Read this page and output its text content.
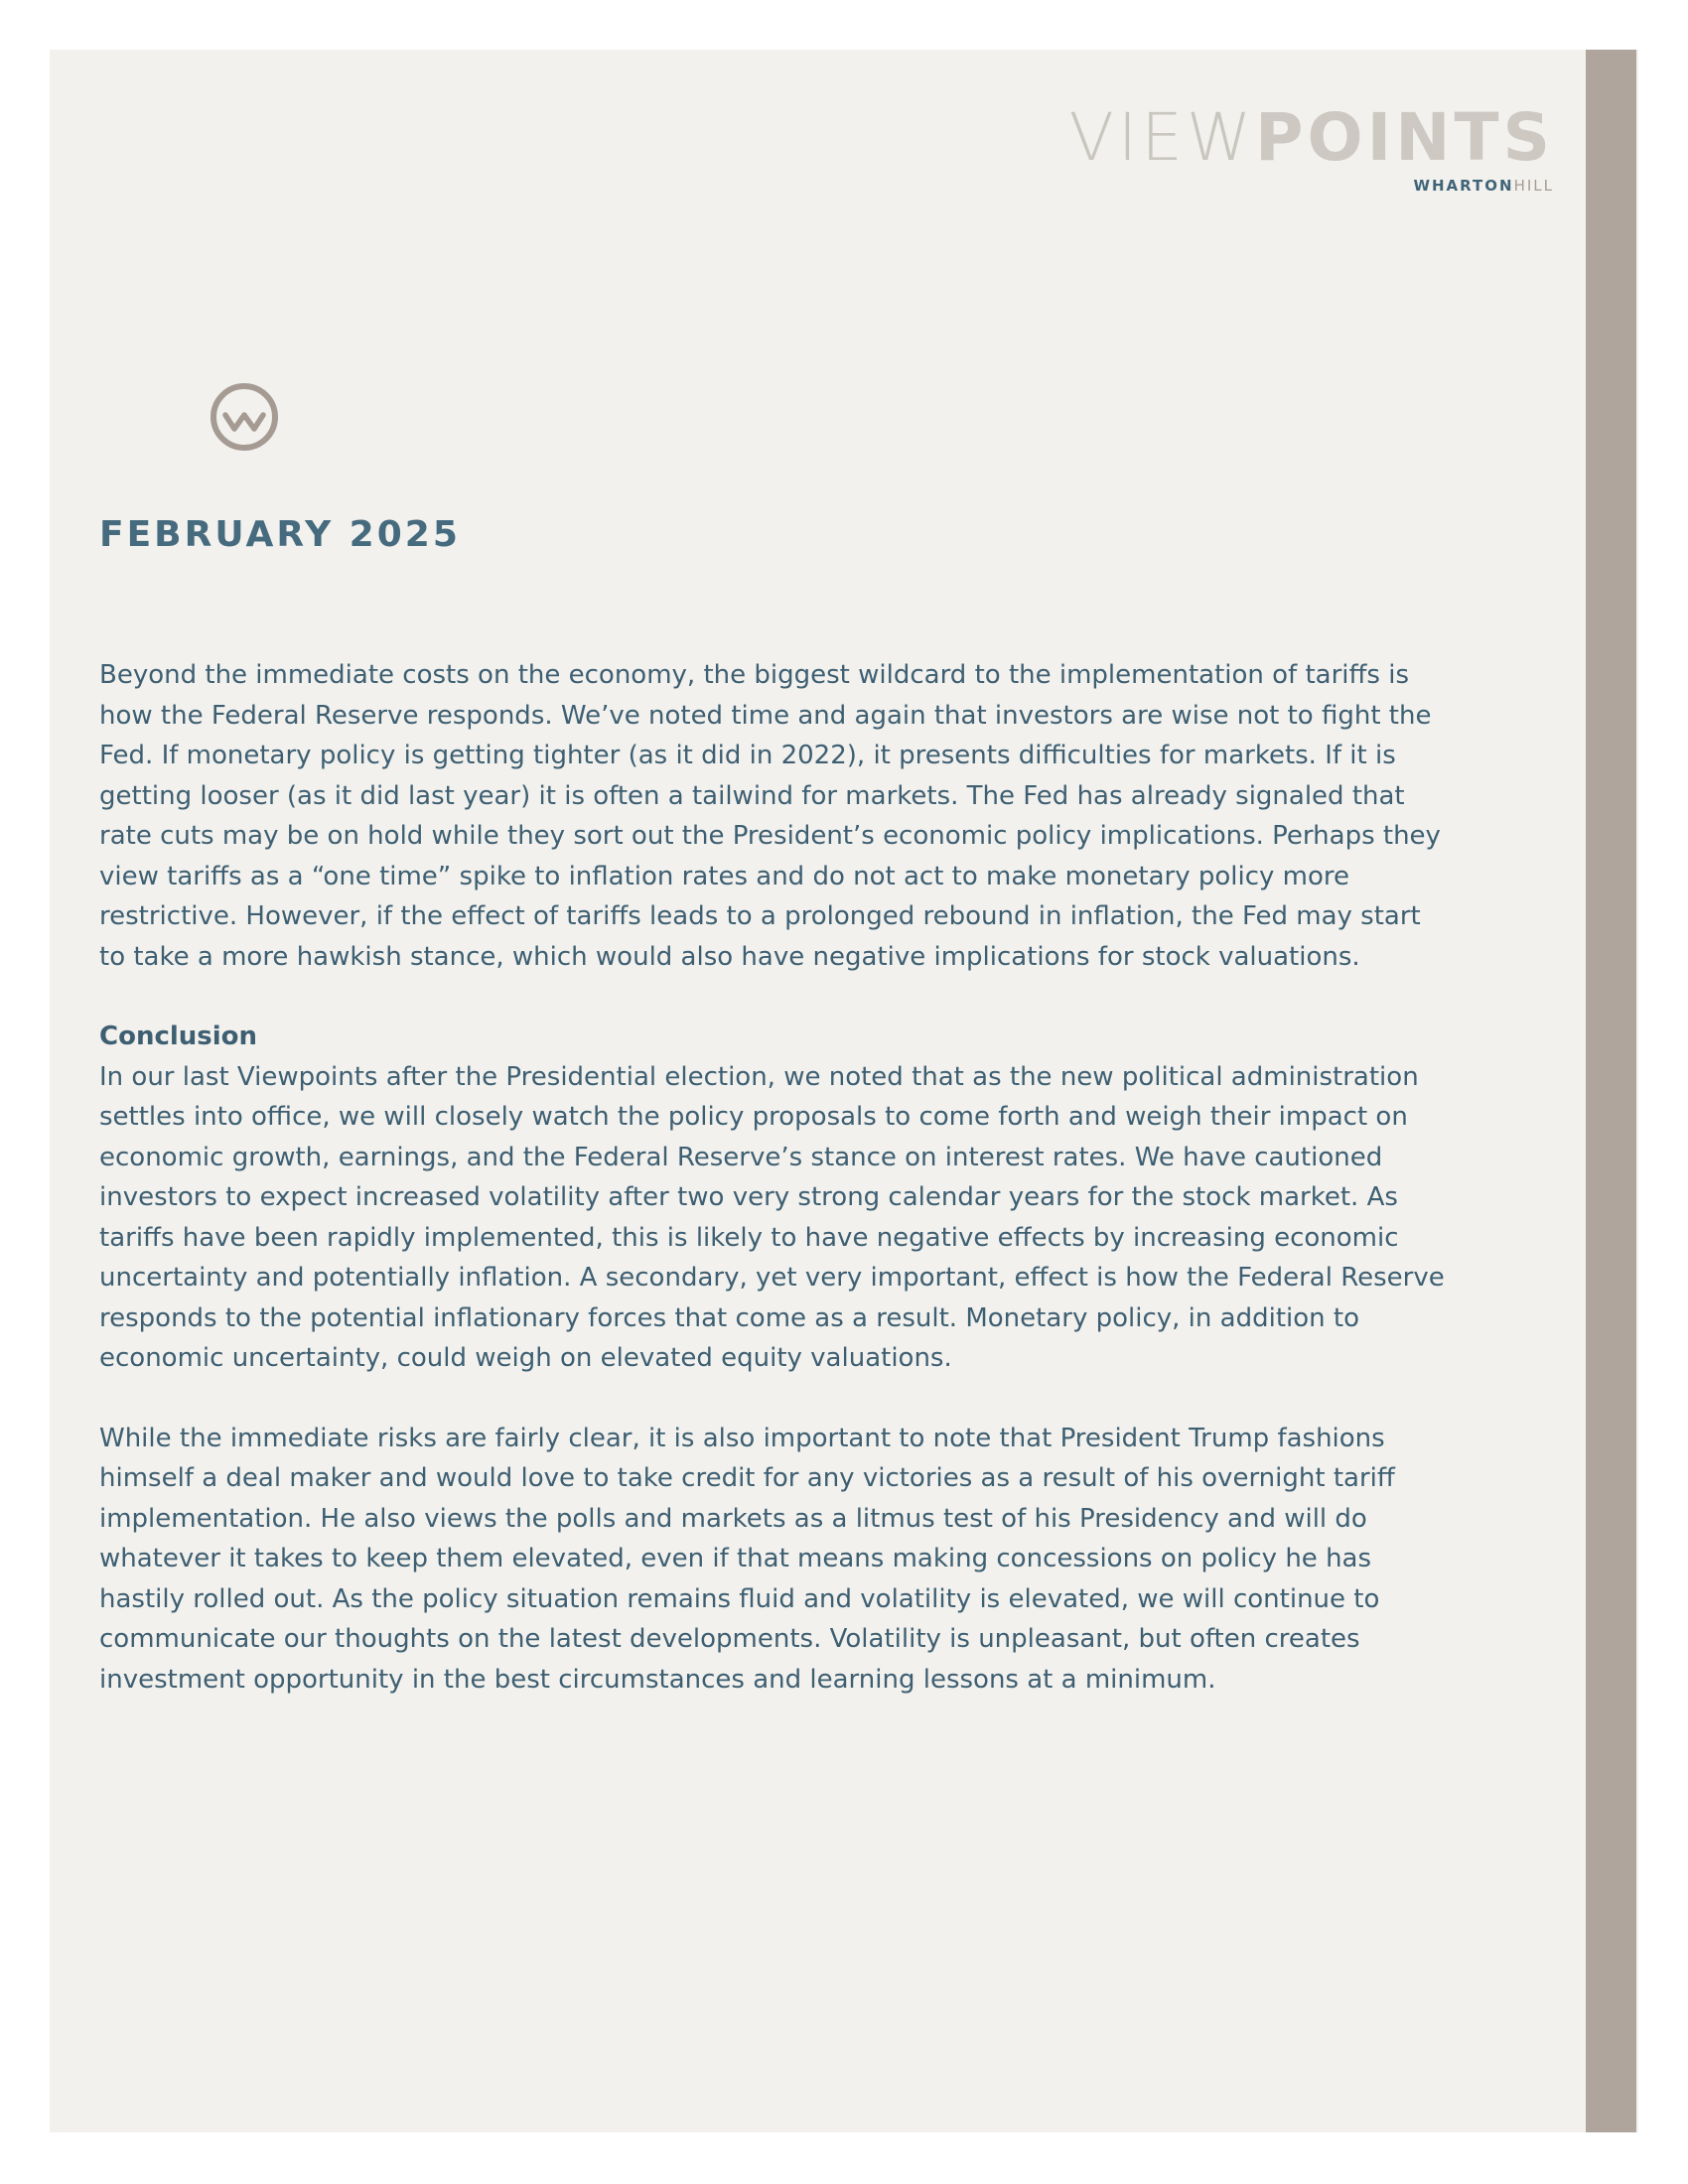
VIEWPOINTS
WHARTONHILL
FEBRUARY 2025

Beyond the immediate costs on the economy, the biggest wildcard to the implementation of tariffs is how the Federal Reserve responds. We’ve noted time and again that investors are wise not to fight the Fed. If monetary policy is getting tighter (as it did in 2022), it presents difficulties for markets. If it is getting looser (as it did last year) it is often a tailwind for markets. The Fed has already signaled that rate cuts may be on hold while they sort out the President’s economic policy implications. Perhaps they view tariffs as a “one time” spike to inflation rates and do not act to make monetary policy more restrictive. However, if the effect of tariffs leads to a prolonged rebound in inflation, the Fed may start to take a more hawkish stance, which would also have negative implications for stock valuations.

Conclusion

In our last Viewpoints after the Presidential election, we noted that as the new political administration settles into office, we will closely watch the policy proposals to come forth and weigh their impact on economic growth, earnings, and the Federal Reserve’s stance on interest rates. We have cautioned investors to expect increased volatility after two very strong calendar years for the stock market. As tariffs have been rapidly implemented, this is likely to have negative effects by increasing economic uncertainty and potentially inflation. A secondary, yet very important, effect is how the Federal Reserve responds to the potential inflationary forces that come as a result. Monetary policy, in addition to economic uncertainty, could weigh on elevated equity valuations.

While the immediate risks are fairly clear, it is also important to note that President Trump fashions himself a deal maker and would love to take credit for any victories as a result of his overnight tariff implementation. He also views the polls and markets as a litmus test of his Presidency and will do whatever it takes to keep them elevated, even if that means making concessions on policy he has hastily rolled out. As the policy situation remains fluid and volatility is elevated, we will continue to communicate our thoughts on the latest developments. Volatility is unpleasant, but often creates investment opportunity in the best circumstances and learning lessons at a minimum.
